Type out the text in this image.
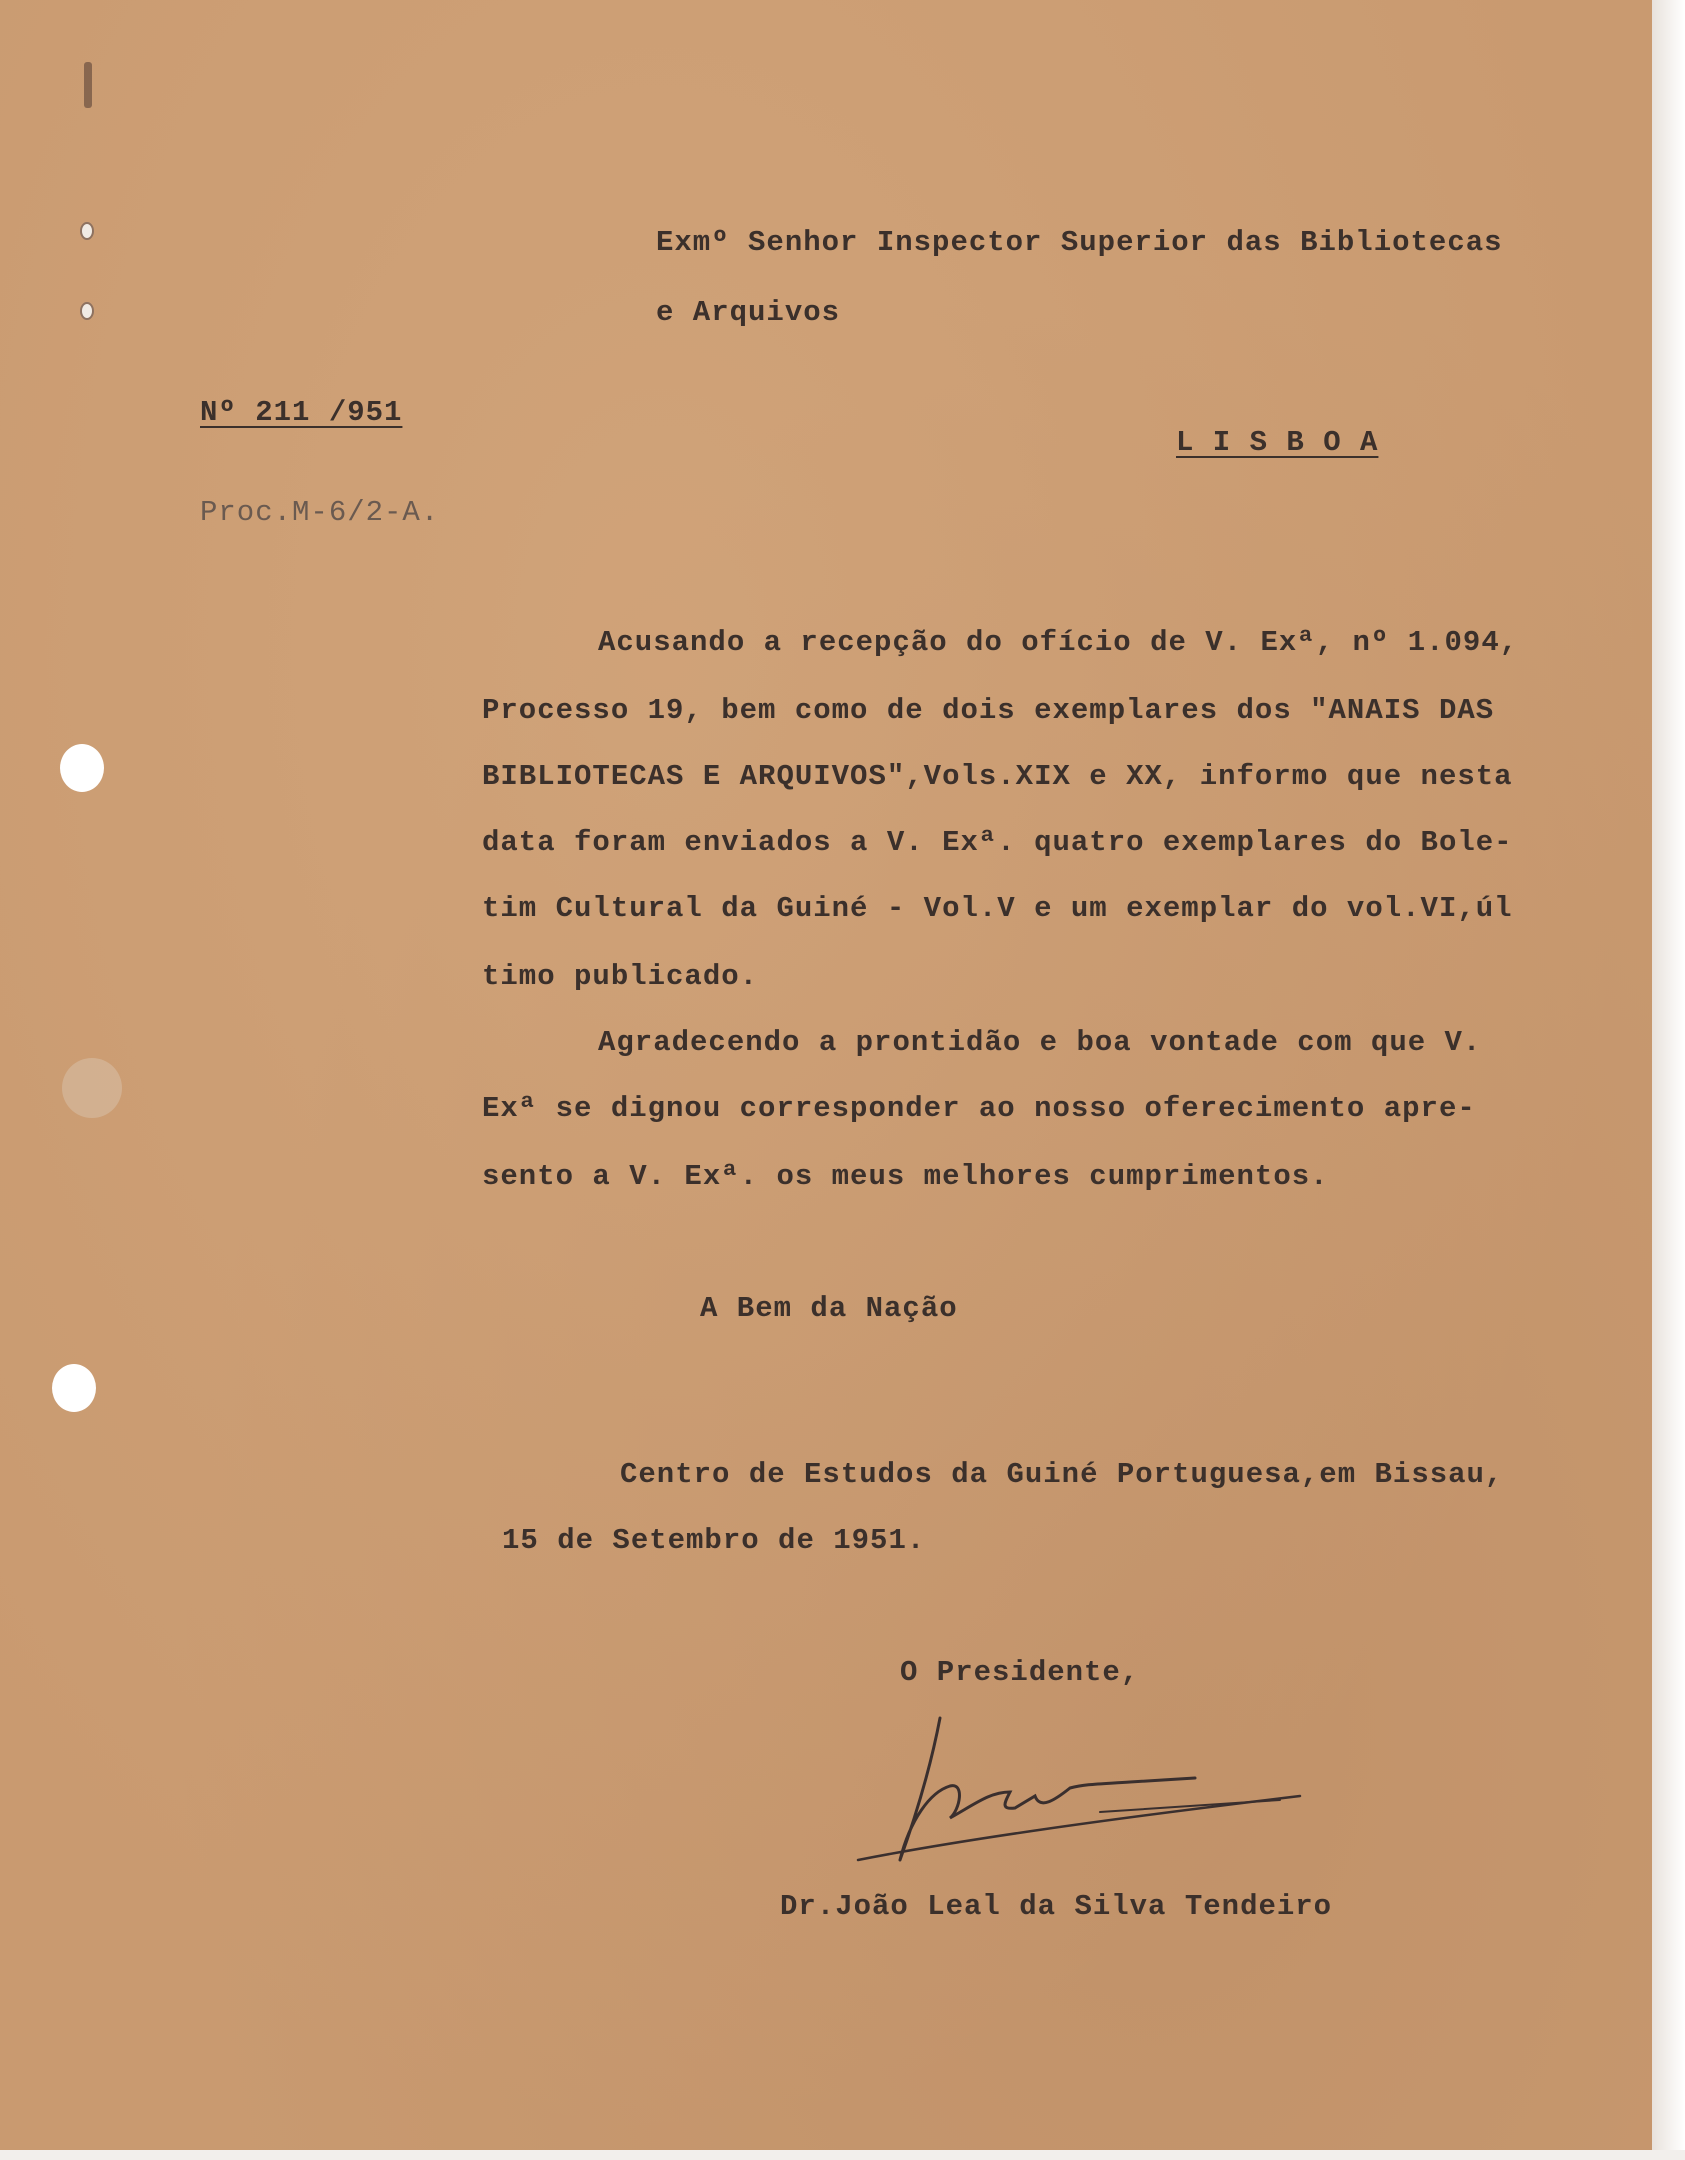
Exmº Senhor Inspector Superior das Bibliotecas

e Arquivos

Nº 211 /951

L I S B O A

Proc.M-6/2-A.

Acusando a recepção do ofício de V. Exª, nº 1.094,

Processo 19, bem como de dois exemplares dos "ANAIS DAS

BIBLIOTECAS E ARQUIVOS",Vols.XIX e XX, informo que nesta

data foram enviados a V. Exª. quatro exemplares do Bole-

tim Cultural da Guiné - Vol.V e um exemplar do vol.VI,úl

timo publicado.

Agradecendo a prontidão e boa vontade com que V.

Exª se dignou corresponder ao nosso oferecimento apre-

sento a V. Exª. os meus melhores cumprimentos.

A Bem da Nação

Centro de Estudos da Guiné Portuguesa,em Bissau,

15 de Setembro de 1951.

O Presidente,

Dr.João Leal da Silva Tendeiro
